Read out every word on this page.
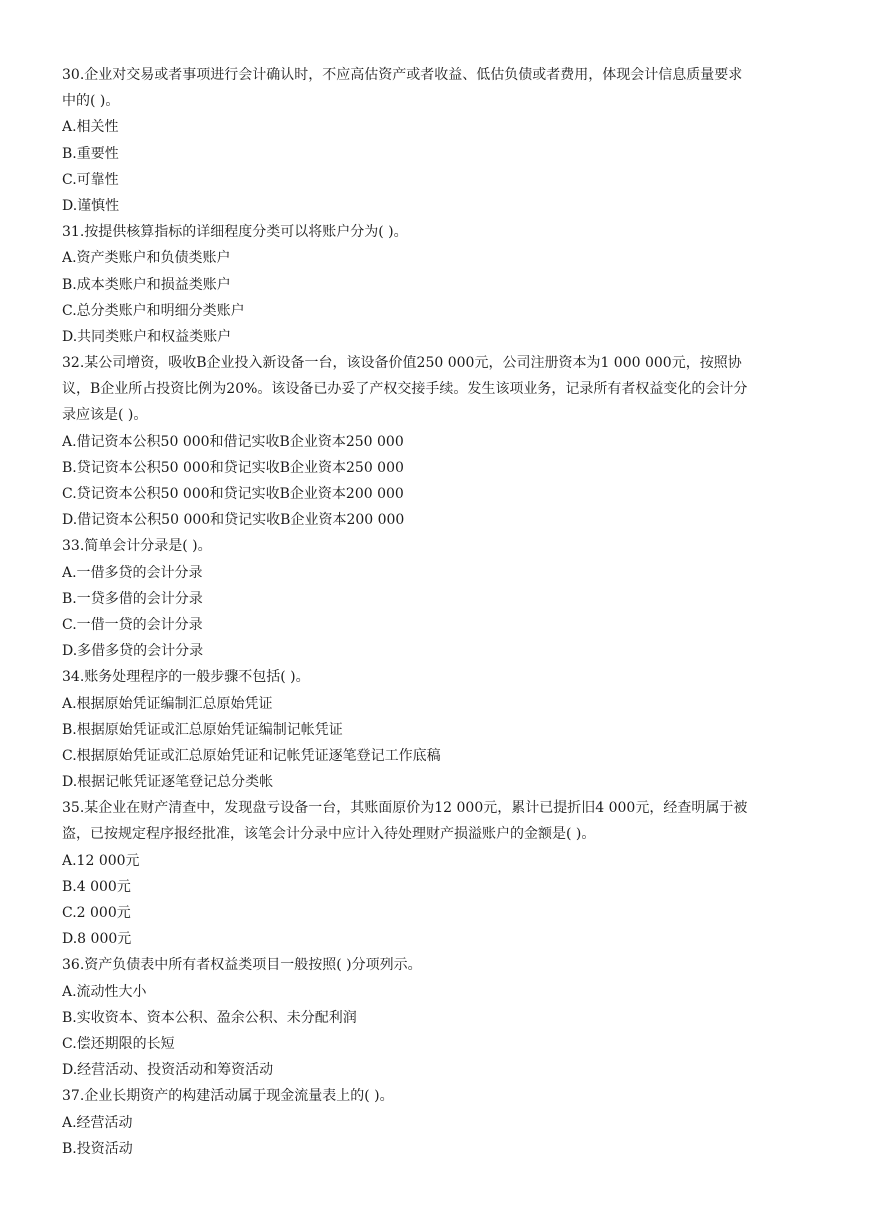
30.企业对交易或者事项进行会计确认时，不应高估资产或者收益、低估负债或者费用，体现会计信息质量要求
中的( )。
A.相关性
B.重要性
C.可靠性
D.谨慎性
31.按提供核算指标的详细程度分类可以将账户分为( )。
A.资产类账户和负债类账户
B.成本类账户和损益类账户
C.总分类账户和明细分类账户
D.共同类账户和权益类账户
32.某公司增资，吸收B企业投入新设备一台，该设备价值250 000元，公司注册资本为1 000 000元，按照协
议，B企业所占投资比例为20%。该设备已办妥了产权交接手续。发生该项业务，记录所有者权益变化的会计分
录应该是( )。
A.借记资本公积50 000和借记实收B企业资本250 000
B.贷记资本公积50 000和贷记实收B企业资本250 000
C.贷记资本公积50 000和贷记实收B企业资本200 000
D.借记资本公积50 000和贷记实收B企业资本200 000
33.简单会计分录是( )。
A.一借多贷的会计分录
B.一贷多借的会计分录
C.一借一贷的会计分录
D.多借多贷的会计分录
34.账务处理程序的一般步骤不包括( )。
A.根据原始凭证编制汇总原始凭证
B.根据原始凭证或汇总原始凭证编制记帐凭证
C.根据原始凭证或汇总原始凭证和记帐凭证逐笔登记工作底稿
D.根据记帐凭证逐笔登记总分类帐
35.某企业在财产清查中，发现盘亏设备一台，其账面原价为12 000元，累计已提折旧4 000元，经查明属于被
盗，已按规定程序报经批准，该笔会计分录中应计入待处理财产损溢账户的金额是( )。
A.12 000元
B.4 000元
C.2 000元
D.8 000元
36.资产负债表中所有者权益类项目一般按照( )分项列示。
A.流动性大小
B.实收资本、资本公积、盈余公积、未分配利润
C.偿还期限的长短
D.经营活动、投资活动和筹资活动
37.企业长期资产的构建活动属于现金流量表上的( )。
A.经营活动
B.投资活动
